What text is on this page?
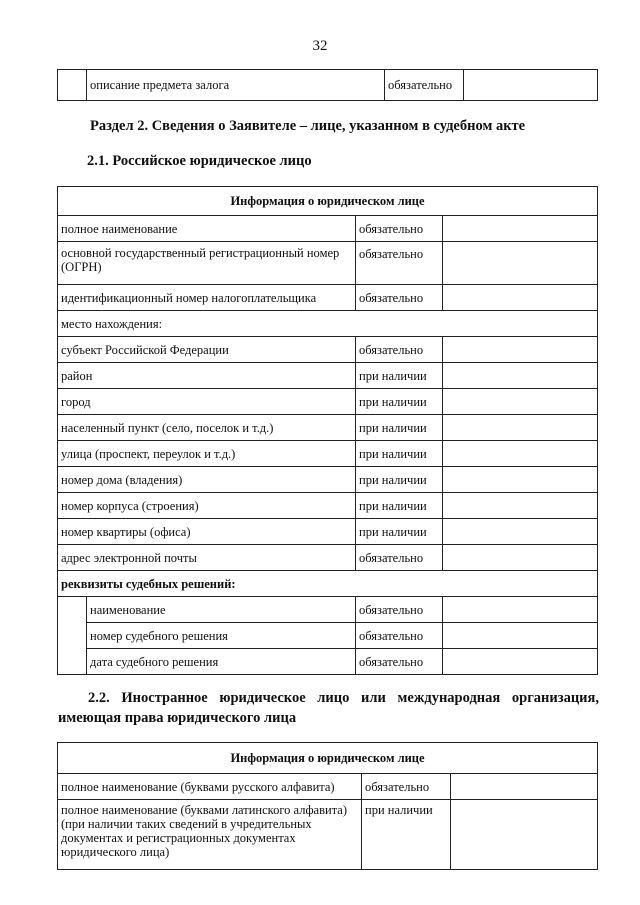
32
	описание предмета залога	обязательно	
Раздел 2. Сведения о Заявителе – лице, указанном в судебном акте
2.1. Российское юридическое лицо
Информация о юридическом лице			
полное наименование		обязательно	
основной государственный регистрационный номер (ОГРН)		обязательно	
идентификационный номер налогоплательщика		обязательно	
место нахождения:			
субъект Российской Федерации		обязательно	
район		при наличии	
город		при наличии	
населенный пункт (село, поселок и т.д.)		при наличии	
улица (проспект, переулок и т.д.)		при наличии	
номер дома (владения)		при наличии	
номер корпуса (строения)		при наличии	
номер квартиры (офиса)		при наличии	
адрес электронной почты		обязательно	
реквизиты судебных решений:			
	наименование	обязательно	
	номер судебного решения	обязательно	
	дата судебного решения	обязательно	
2.2. Иностранное юридическое лицо или международная организация,
имеющая права юридического лица
Информация о юридическом лице		
полное наименование (буквами русского алфавита)	обязательно	
полное наименование (буквами латинского алфавита) (при наличии таких сведений в учредительных документах и регистрационных документах юридического лица)	при наличии	
